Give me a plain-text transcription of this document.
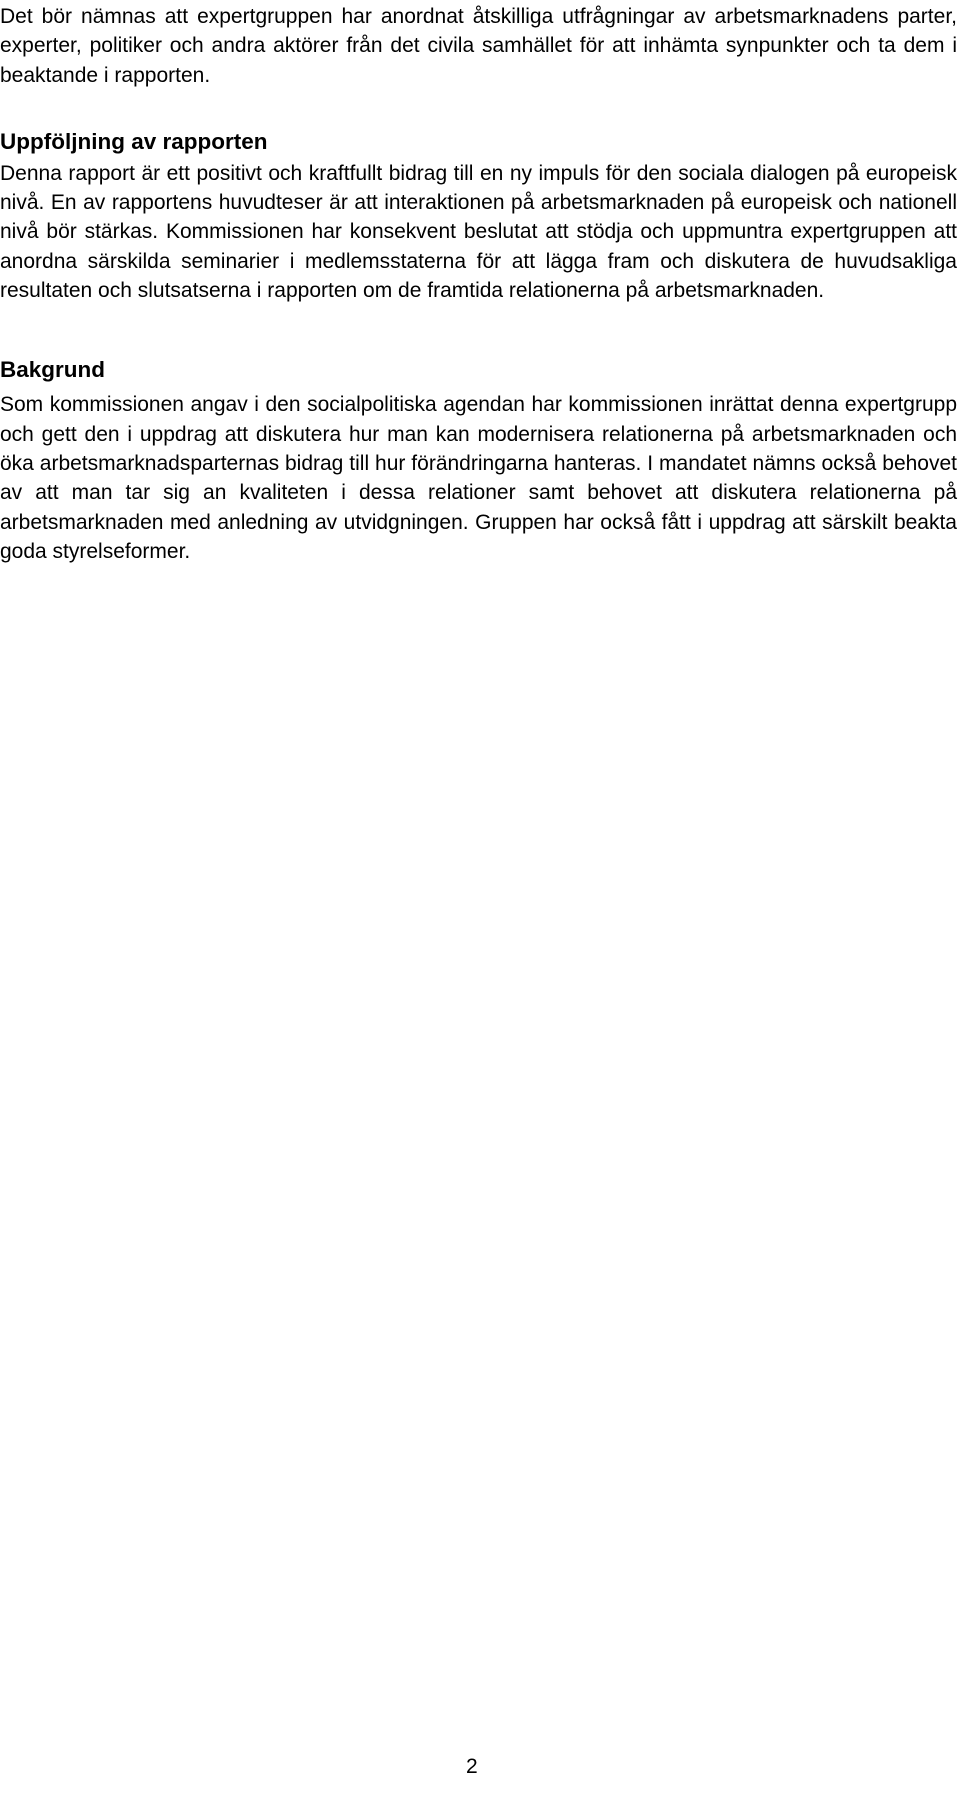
Det bör nämnas att expertgruppen har anordnat åtskilliga utfrågningar av arbetsmarknadens parter, experter, politiker och andra aktörer från det civila samhället för att inhämta synpunkter och ta dem i beaktande i rapporten.

Uppföljning av rapporten

Denna rapport är ett positivt och kraftfullt bidrag till en ny impuls för den sociala dialogen på europeisk nivå. En av rapportens huvudteser är att interaktionen på arbetsmarknaden på europeisk och nationell nivå bör stärkas. Kommissionen har konsekvent beslutat att stödja och uppmuntra expertgruppen att anordna särskilda seminarier i medlemsstaterna för att lägga fram och diskutera de huvudsakliga resultaten och slutsatserna i rapporten om de framtida relationerna på arbetsmarknaden.

Bakgrund

Som kommissionen angav i den socialpolitiska agendan har kommissionen inrättat denna expertgrupp och gett den i uppdrag att diskutera hur man kan modernisera relationerna på arbetsmarknaden och öka arbetsmarknadsparternas bidrag till hur förändringarna hanteras. I mandatet nämns också behovet av att man tar sig an kvaliteten i dessa relationer samt behovet att diskutera relationerna på arbetsmarknaden med anledning av utvidgningen. Gruppen har också fått i uppdrag att särskilt beakta goda styrelseformer.

2
